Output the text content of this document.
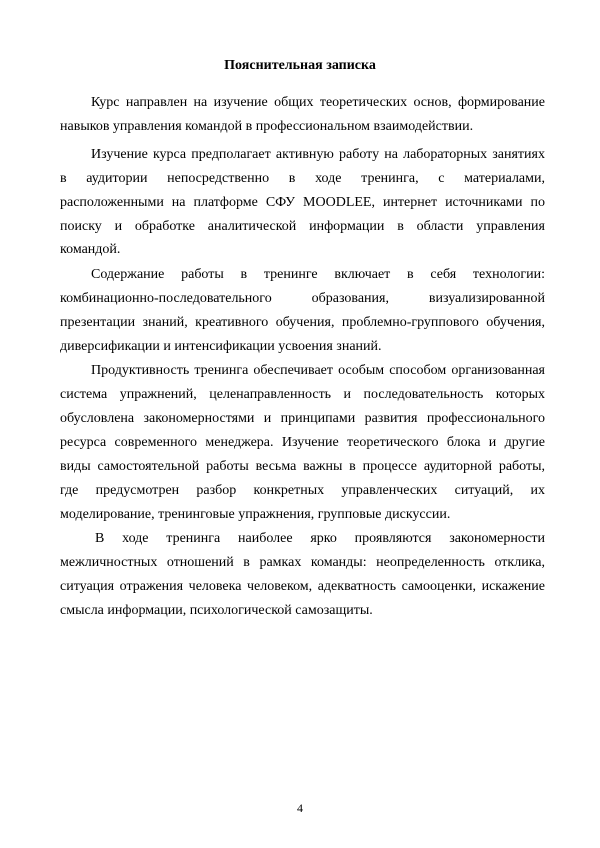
Пояснительная записка
Курс направлен на изучение общих теоретических основ, формирование
навыков управления командой в профессиональном взаимодействии.
Изучение курса предполагает активную работу на лабораторных занятиях
в аудитории непосредственно в ходе тренинга, с материалами,
расположенными на платформе СФУ MOODLEE, интернет источниками по
поиску и обработке аналитической информации в области управления
командой.
Содержание работы в тренинге включает в себя технологии:
комбинационно-последовательного образования, визуализированной
презентации знаний, креативного обучения, проблемно-группового обучения,
диверсификации и интенсификации усвоения знаний.
Продуктивность тренинга обеспечивает особым способом организованная
система упражнений, целенаправленность и последовательность которых
обусловлена закономерностями и принципами развития профессионального
ресурса современного менеджера. Изучение теоретического блока и другие
виды самостоятельной работы весьма важны в процессе аудиторной работы,
где предусмотрен разбор конкретных управленческих ситуаций, их
моделирование, тренинговые упражнения, групповые дискуссии.
В ходе тренинга наиболее ярко проявляются закономерности
межличностных отношений в рамках команды: неопределенность отклика,
ситуация отражения человека человеком, адекватность самооценки, искажение
смысла информации, психологической самозащиты.
4
